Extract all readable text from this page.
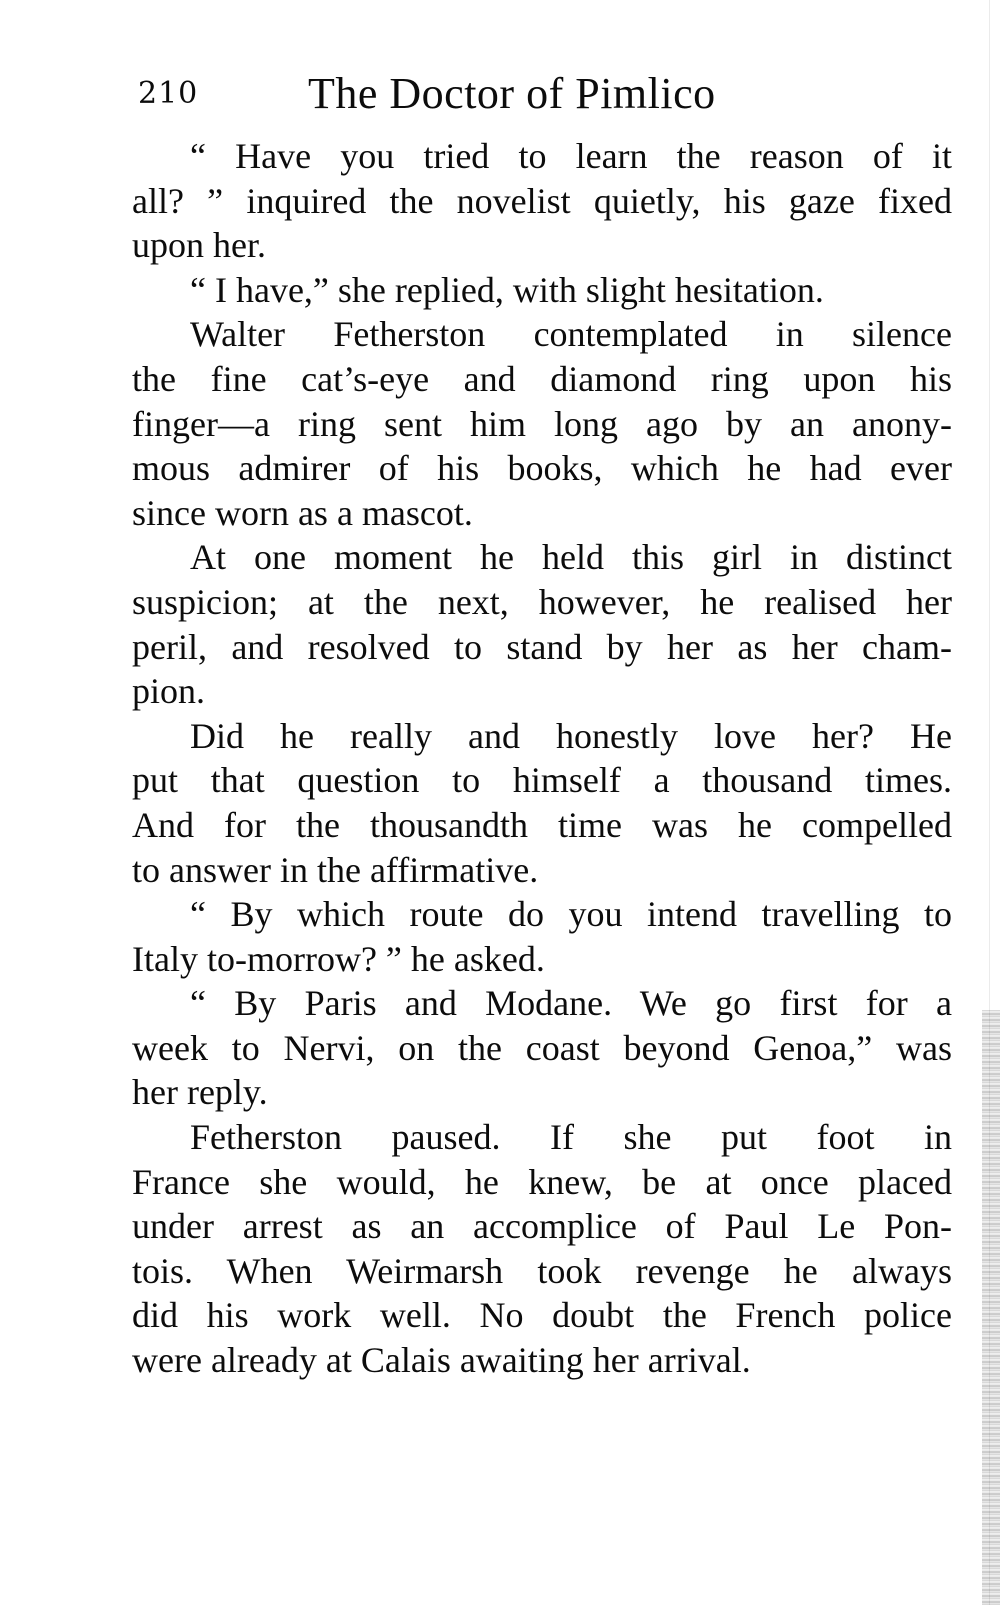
210 The Doctor of Pimlico
“ Have you tried to learn the reason of it
all? ” inquired the novelist quietly, his gaze fixed
upon her.
“ I have,” she replied, with slight hesitation.
Walter Fetherston contemplated in silence
the fine cat’s-eye and diamond ring upon his
finger—a ring sent him long ago by an anony-
mous admirer of his books, which he had ever
since worn as a mascot.
At one moment he held this girl in distinct
suspicion; at the next, however, he realised her
peril, and resolved to stand by her as her cham-
pion.
Did he really and honestly love her? He
put that question to himself a thousand times.
And for the thousandth time was he compelled
to answer in the affirmative.
“ By which route do you intend travelling to
Italy to-morrow? ” he asked.
“ By Paris and Modane. We go first for a
week to Nervi, on the coast beyond Genoa,” was
her reply.
Fetherston paused. If she put foot in
France she would, he knew, be at once placed
under arrest as an accomplice of Paul Le Pon-
tois. When Weirmarsh took revenge he always
did his work well. No doubt the French police
were already at Calais awaiting her arrival.
